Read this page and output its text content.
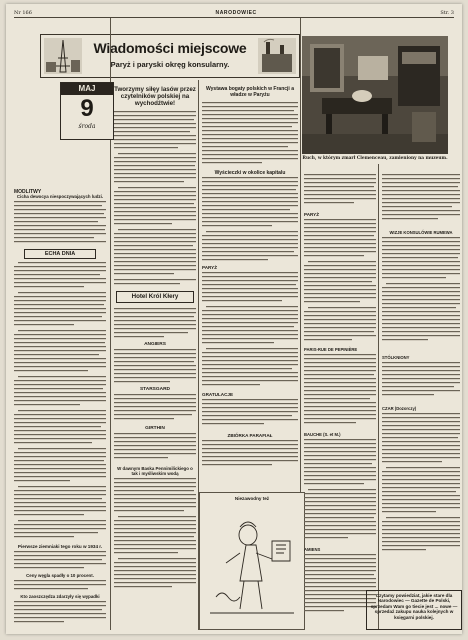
Nr 166	NARODOWIEC	Str. 3
Wiadomości miejscowe
Paryż i paryski okręg konsularny.
Ruch, w którym zmarł Clemenceau, zamieniony na muzeum.
MAJ
9
środa
MODLITWY
Cicha dewocya niespoczywających ludzi.
ECHA DNIA
Pierwsze ziemniaki tego roku w 1934 r.
Ceny węgla spadły o 10 procent.
Kto zaoszczędza zdarzyły się wypadki
Tworzymy siłęy lasów przez czytelników polskiej na wychodźtwie!
Hotel Król Kłery
ANGIERS
STARSGARD
GIRTHIN
W dawnym Baska Pennimilickiego o tak i myśliwskim wodą
Wystawa bogaty polskich w Francji a władze w Paryżu
Wyścieczki w okolice kapitalu
PARYŻ
GRATULACJE
ZBIÓRKA PARAFIAŁ
Niezawodny też
PARYŻ
PARIS-RUE DE PEPINIÈRE
BAUCHE (S. et M.)
AMIENS
WIZJE KONSULÓWIE RUMEWA
STÓLKNIONY
CZAR (Dozorczy)
Czytamy powiedziat, jakie stare dla Narodowiec — Gazette de Polski, sprzedam Wam go tiecie jest ... nowe — sprzedaż zakupu nauka kolejnych w księgarni polskiej.
